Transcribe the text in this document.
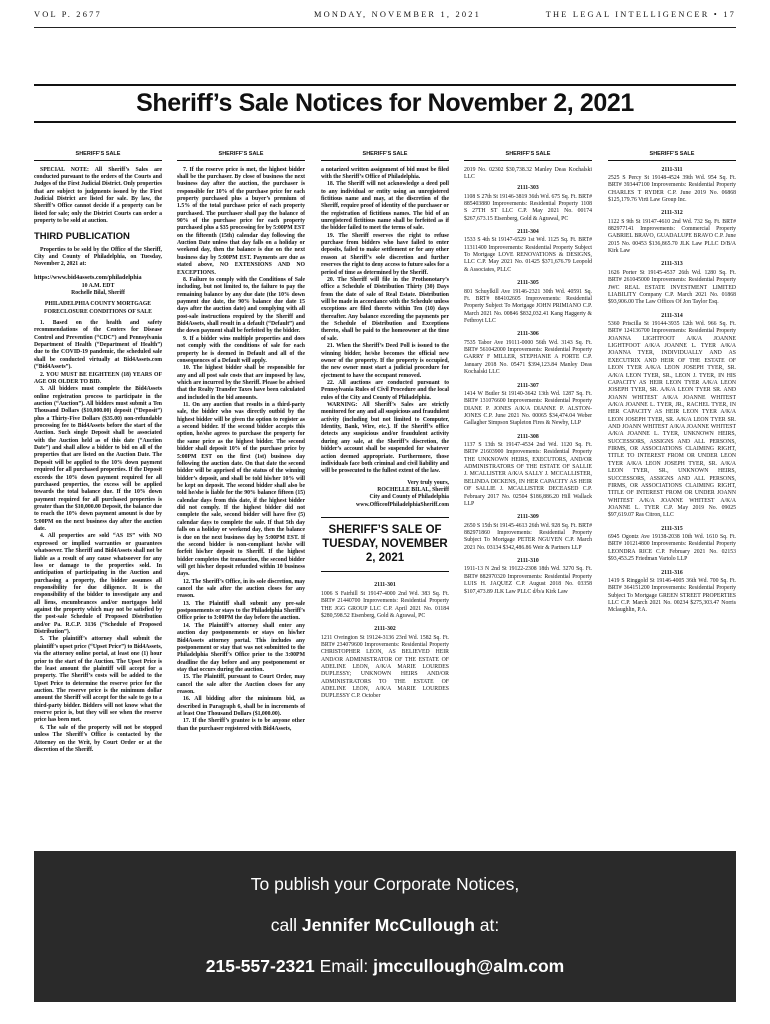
VOL P. 2677	MONDAY, NOVEMBER 1, 2021	THE LEGAL INTELLIGENCER • 17
Sheriff’s Sale Notices for November 2, 2021
SHERIFF’S SALE

SPECIAL NOTE: All Sheriff’s Sales are conducted pursuant to the orders of the Courts and Judges of the First Judicial District. Only properties that are subject to judgments issued by the First Judicial District are listed for sale. By law, the Sheriff’s Office cannot decide if a property can be listed for sale; only the District Courts can order a property to be sold at auction.

THIRD PUBLICATION

Properties to be sold by the Office of the Sheriff, City and County of Philadelphia, on Tuesday, November 2, 2021 at:

https://www.bid4assets.com/philadelphia

10 A.M. EDT

Rochelle Bilal, Sheriff

PHILADELPHIA COUNTY MORTGAGE FORECLOSURE CONDITIONS OF SALE

1. Based on the health and safety recommendations of the Centers for Disease Control and Prevention (“CDC”) and Pennsylvania Department of Health (“Department of Health”) due to the COVID-19 pandemic, the scheduled sale shall be conducted virtually at Bid4Assets.com (“Bid4Assets”).

2. YOU MUST BE EIGHTEEN (18) YEARS OF AGE OR OLDER TO BID.

3. All bidders must complete the Bid4Assets online registration process to participate in the auction (“Auction”). All bidders must submit a Ten Thousand Dollars ($10,000.00) deposit (“Deposit”) plus a Thirty-Five Dollars ($35.00) non-refundable processing fee to Bid4Assets before the start of the Auction. Such single Deposit shall be associated with the Auction held as of this date (“Auction Date”) and shall allow a bidder to bid on all of the properties that are listed on the Auction Date. The Deposit will be applied to the 10% down payment required for all purchased properties. If the Deposit exceeds the 10% down payment required for all purchased properties, the excess will be applied towards the total balance due. If the 10% down payment required for all purchased properties is greater than the $10,000.00 Deposit, the balance due to reach the 10% down payment amount is due by 5:00PM on the next business day after the auction date.

4. All properties are sold “AS IS” with NO expressed or implied warranties or guarantees whatsoever. The Sheriff and Bid4Assets shall not be liable as a result of any cause whatsoever for any loss or damage to the properties sold. In anticipation of participating in the Auction and purchasing a property, the bidder assumes all responsibility for due diligence. It is the responsibility of the bidder to investigate any and all liens, encumbrances and/or mortgages held against the property which may not be satisfied by the post-sale Schedule of Proposed Distribution and/or Pa. R.C.P. 3136 (“Schedule of Proposed Distribution”).

5. The plaintiff’s attorney shall submit the plaintiff’s upset price (“Upset Price”) to Bid4Assets, via the attorney online portal, at least one (1) hour prior to the start of the Auction. The Upset Price is the least amount the plaintiff will accept for a property. The Sheriff’s costs will be added to the Upset Price to determine the reserve price for the auction. The reserve price is the minimum dollar amount the Sheriff will accept for the sale to go to a third-party bidder. Bidders will not know what the reserve price is, but they will see when the reserve price has been met.

6. The sale of the property will not be stopped unless The Sheriff’s Office is contacted by the Attorney on the Writ, by Court Order or at the discretion of the Sheriff.

SHERIFF’S SALE

7. If the reserve price is met, the highest bidder shall be the purchaser. By close of business the next business day after the auction, the purchaser is responsible for 10% of the purchase price for each property purchased plus a buyer’s premium of 1.5% of the total purchase price of each property purchased. The purchaser shall pay the balance of 90% of the purchase price for each property purchased plus a $35 processing fee by 5:00PM EST on the fifteenth (15th) calendar day following the Auction Date unless that day falls on a holiday or weekend day, then the balance is due on the next business day by 5:00PM EST. Payments are due as stated above, NO EXTENSIONS AND NO EXCEPTIONS.

8. Failure to comply with the Conditions of Sale including, but not limited to, the failure to pay the remaining balance by any due date (the 10% down payment due date, the 90% balance due date 15 days after the auction date) and complying with all post-sale instructions required by the Sheriff and Bid4Assets, shall result in a default (“Default”) and the down payment shall be forfeited by the bidder.

9. If a bidder wins multiple properties and does not comply with the conditions of sale for each property he is deemed in Default and all of the consequences of a Default will apply.

10. The highest bidder shall be responsible for any and all post sale costs that are imposed by law, which are incurred by the Sheriff. Please be advised that the Realty Transfer Taxes have been calculated and included in the bid amounts.

11. On any auction that results in a third-party sale, the bidder who was directly outbid by the highest bidder will be given the option to register as a second bidder. If the second bidder accepts this option, he/she agrees to purchase the property for the same price as the highest bidder. The second bidder shall deposit 10% of the purchase price by 5:00PM EST on the first (1st) business day following the auction date. On that date the second bidder will be apprised of the status of the winning bidder’s deposit, and shall be told his/her 10% will be kept on deposit. The second bidder shall also be told he/she is liable for the 90% balance fifteen (15) calendar days from this date, if the highest bidder did not comply. If the highest bidder did not complete the sale, second bidder will have five (5) calendar days to complete the sale. If that 5th day falls on a holiday or weekend day, then the balance is due on the next business day by 5:00PM EST. If the second bidder is non-compliant he/she will forfeit his/her deposit to Sheriff. If the highest bidder completes the transaction, the second bidder will get his/her deposit refunded within 10 business days.

12. The Sheriff’s Office, in its sole discretion, may cancel the sale after the auction closes for any reason.

13. The Plaintiff shall submit any pre-sale postponements or stays to the Philadelphia Sheriff’s Office prior to 3:00PM the day before the auction.

14. The Plaintiff’s attorney shall enter any auction day postponements or stays on his/her Bid4Assets attorney portal. This includes any postponement or stay that was not submitted to the Philadelphia Sheriff’s Office prior to the 3:00PM deadline the day before and any postponement or stay that occurs during the auction.

15. The Plaintiff, pursuant to Court Order, may cancel the sale after the Auction closes for any reason.

16. All bidding after the minimum bid, as described in Paragraph 6, shall be in increments of at least One Thousand Dollars ($1,000.00).

17. If the Sheriff’s grantee is to be anyone other than the purchaser registered with Bid4Assets,

SHERIFF’S SALE

a notarized written assignment of bid must be filed with the Sheriff’s Office of Philadelphia.

18. The Sheriff will not acknowledge a deed poll to any individual or entity using an unregistered fictitious name and may, at the discretion of the Sheriff, require proof of identity of the purchaser or the registration of fictitious names. The bid of an unregistered fictitious name shall be forfeited as if the bidder failed to meet the terms of sale.

19. The Sheriff reserves the right to refuse purchase from bidders who have failed to enter deposits, failed to make settlement or for any other reason at Sheriff’s sole discretion and further reserves the right to deny access to future sales for a period of time as determined by the Sheriff.

20. The Sheriff will file in the Prothonotary’s office a Schedule of Distribution Thirty (30) Days from the date of sale of Real Estate. Distribution will be made in accordance with the Schedule unless exceptions are filed thereto within Ten (10) days thereafter. Any balance exceeding the payments per the Schedule of Distribution and Exceptions thereto, shall be paid to the homeowner at the time of sale.

21. When the Sheriff’s Deed Poll is issued to the winning bidder, he/she becomes the official new owner of the property. If the property is occupied, the new owner must start a judicial procedure for ejectment to have the occupant removed.

22. All auctions are conducted pursuant to Pennsylvania Rules of Civil Procedure and the local rules of the City and County of Philadelphia.

WARNING: All Sheriff’s Sales are strictly monitored for any and all suspicious and fraudulent activity (including but not limited to Computer, Identity, Bank, Wire, etc.). If the Sheriff’s office detects any suspicious and/or fraudulent activity during any sale, at the Sheriff’s discretion, the bidder’s account shall be suspended for whatever action deemed appropriate. Furthermore, those individuals face both criminal and civil liability and will be prosecuted to the fullest extent of the law.

Very truly yours,

ROCHELLE BILAL, Sheriff

City and County of Philadelphia

www.OfficeofPhiladelphiaSheriff.com

SHERIFF’S SALE OF TUESDAY, NOVEMBER 2, 2021
2111-301

1006 S Fairhill St 19147-4000 2nd Wd. 383 Sq. Ft. BRT# 21440700 Improvements: Residential Property THE JGG GROUP LLC C.P. April 2021 No. 01184 $280,598.52 Eisenberg, Gold & Agrawal, PC

2111-302

1211 Ovrington St 19124-3136 23rd Wd. 1582 Sq. Ft. BRT# 234079600 Improvements: Residential Property CHRISTOPHER LEON, AS BELIEVED HEIR AND/OR ADMINISTRATOR OF THE ESTATE OF ADELINE LEON, A/K/A MARIE LOURDES DUPLESSY; UNKNOWN HEIRS AND/OR ADMINISTRATORS TO THE ESTATE OF ADELINE LEON, A/K/A MARIE LOURDES DUPLESSY C.P. October

SHERIFF’S SALE

2019 No. 02302 $30,738.32 Manley Deas Kochalski LLC

2111-303

1108 S 27th St 19146-3819 36th Wd. 675 Sq. Ft. BRT# 885403880 Improvements: Residential Property 1108 S 27TH ST LLC C.P. May 2021 No. 00174 $267,673.15 Eisenberg, Gold & Agrawal, PC

2111-304

1533 S 4th St 19147-6529 1st Wd. 1125 Sq. Ft. BRT# 11311400 Improvements: Residential Property Subject To Mortgage LOVE RENOVATIONS & DESIGNS, LLC C.P. May 2021 No. 01425 $371,676.79 Leopold & Associates, PLLC

2111-305

801 Schuylkill Ave 19146-2321 30th Wd. 40591 Sq. Ft. BRT# 884102605 Improvements: Residential Property Subject To Mortgage JOHN PRIMIANO C.P. March 2021 No. 00846 $832,032.41 Kang Haggerty & Fetbroyt LLC

2111-306

7535 Tabor Ave 19111-0000 56th Wd. 3143 Sq. Ft. BRT# 561042000 Improvements: Residential Property GARRY F MILLER, STEPHANIE A FORTE C.P. January 2018 No. 05471 $394,123.84 Manley Deas Kochalski LLC

2111-307

1414 W Butler St 19140-3642 13th Wd. 1287 Sq. Ft. BRT# 131076600 Improvements: Residential Property DIANE P. JONES A/K/A DIANNE P. ALSTON-JONES C.P. June 2021 No. 00065 $34,474.04 Weber Gallagher Simpson Stapleton Fires & Newby, LLP

2111-308

1137 S 13th St 19147-4534 2nd Wd. 1120 Sq. Ft. BRT# 21603900 Improvements: Residential Property THE UNKNOWN HEIRS, EXECUTORS, AND/OR ADMINISTRATORS OF THE ESTATE OF SALLIE J. MCALLISTER A/K/A SALLY J. MCCALLISTER, BELINDA DICKENS, IN HER CAPACITY AS HEIR OF SALLIE J. MCALLISTER DECEASED C.P. February 2017 No. 02504 $186,886.20 Hill Wallack LLP

2111-309

2650 S 15th St 19145-4613 26th Wd. 928 Sq. Ft. BRT# 882971860 Improvements: Residential Property Subject To Mortgage PETER NGUYEN C.P. March 2021 No. 03134 $342,486.86 Weir & Partners LLP

2111-310

1911-13 N 2nd St 19122-2308 18th Wd. 3270 Sq. Ft. BRT# 882970320 Improvements: Residential Property LUIS H. JAQUEZ C.P. August 2018 No. 03358 $107,473.89 JLK Law PLLC d/b/a Kirk Law

SHERIFF’S SALE
2111-311

2525 S Percy St 19148-4524 39th Wd. 954 Sq. Ft. BRT# 393447100 Improvements: Residential Property CHARLES T RYDER C.P. June 2019 No. 06868 $125,179.76 Virti Law Group Inc.

2111-312

1122 S 9th St 19147-4610 2nd Wd. 732 Sq. Ft. BRT# 882977141 Improvements: Commercial Property GABRIEL BRAVO, GUADALUPE BRAVO C.P. June 2015 No. 00453 $136,865.70 JLK Law PLLC D/B/A Kirk Law

2111-313

1626 Porter St 19145-4537 26th Wd. 1280 Sq. Ft. BRT# 261045000 Improvements: Residential Property JWC REAL ESTATE INVESTMENT LIMITED LIABILITY Company C.P. March 2021 No. 01868 $93,906.00 The Law Offices Of Jon Taylor Esq.

2111-314

5360 Priscilla St 19144-3935 12th Wd. 966 Sq. Ft. BRT# 124136700 Improvements: Residential Property JOANNA LIGHTFOOT A/K/A JOANNE LIGHTFOOT A/K/A JOANNE L. TYER A/K/A JOANNA TYER, INDIVIDUALLY AND AS EXECUTRIX AND HEIR OF THE ESTATE OF LEON TYER A/K/A LEON JOSEPH TYER, SR. A/K/A LEON TYER, SR., LEON J. TYER, IN HIS CAPACITY AS HEIR LEON TYER A/K/A LEON JOSEPH TYER, SR. A/K/A LEON TYER SR. AND JOANN WHITEST A/K/A JOANNE WHITEST A/K/A JOANNE L. TYER, JR., RACHEL TYER, IN HER CAPACITY AS HEIR LEON TYER A/K/A LEON JOSEPH TYER, SR. A/K/A LEON TYER SR. AND JOANN WHITEST A/K/A JOANNE WHITEST A/K/A JOANNE L. TYER, UNKNOWN HEIRS, SUCCESSORS, ASSIGNS AND ALL PERSONS, FIRMS, OR ASSOCIATIONS CLAIMING RIGHT, TITLE TO INTEREST FROM OR UNDER LEON TYER A/K/A LEON JOSEPH TYER, SR. A/K/A LEON TYER, SR., UNKNOWN HEIRS, SUCCESSORS, ASSIGNS AND ALL PERSONS, FIRMS, OR ASSOCIATIONS CLAIMING RIGHT, TITLE OF INTEREST FROM OR UNDER JOANN WHITEST A/K/A JOANNE WHITEST A/K/A JOANNE L. TYER C.P. May 2019 No. 09025 $97,619.07 Ras Citron, LLC

2111-315

6945 Ogontz Ave 19138-2038 10th Wd. 1610 Sq. Ft. BRT# 101214800 Improvements: Residential Property LEONDRA RICE C.P. February 2021 No. 02153 $93,453.25 Friedman Vartolo LLP

2111-316

1419 S Ringgold St 19146-4005 36th Wd. 700 Sq. Ft. BRT# 364151200 Improvements: Residential Property Subject To Mortgage GREEN STREET PROPERTIES LLC C.P. March 2021 No. 00234 $275,303.47 Norris Mclaughlin, P.A.

To publish your Corporate Notices,
call Jennifer McCullough at:
215-557-2321 Email: jmccullough@alm.com
